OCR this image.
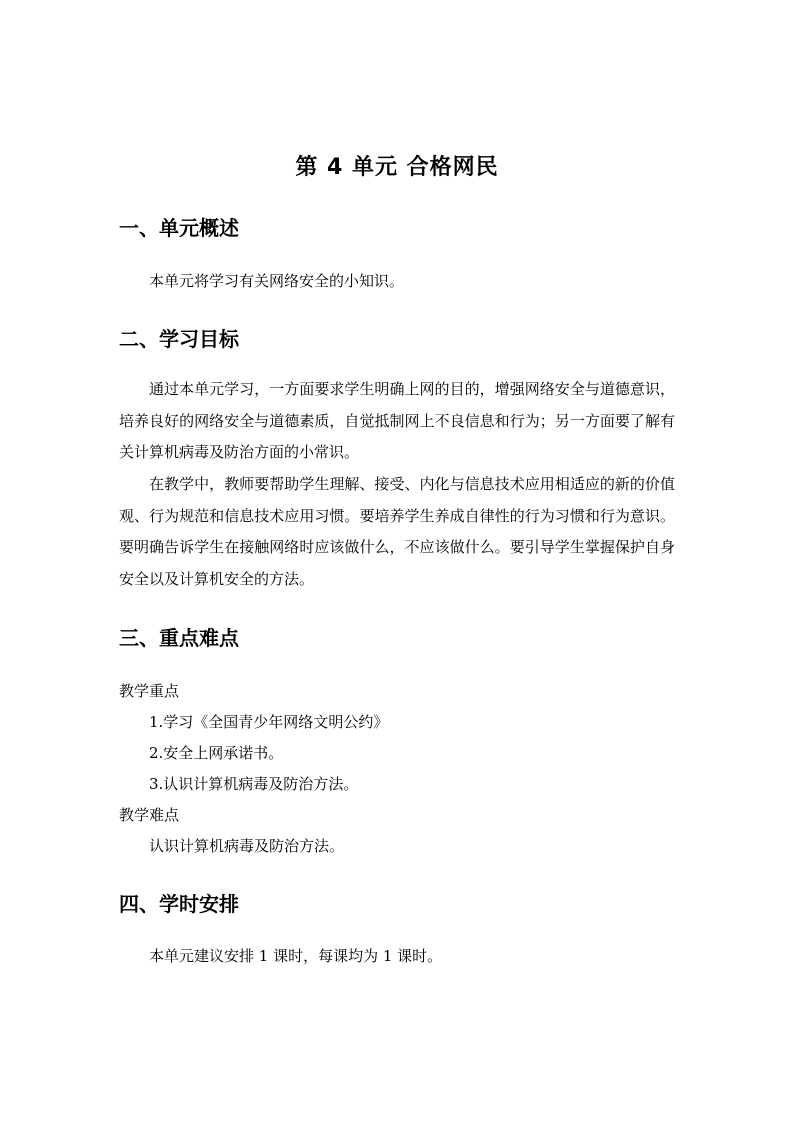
第 4 单元 合格网民
一、单元概述
本单元将学习有关网络安全的小知识。
二、学习目标
通过本单元学习，一方面要求学生明确上网的目的，增强网络安全与道德意识，培养良好的网络安全与道德素质，自觉抵制网上不良信息和行为；另一方面要了解有关计算机病毒及防治方面的小常识。
在教学中，教师要帮助学生理解、接受、内化与信息技术应用相适应的新的价值观、行为规范和信息技术应用习惯。要培养学生养成自律性的行为习惯和行为意识。要明确告诉学生在接触网络时应该做什么，不应该做什么。要引导学生掌握保护自身安全以及计算机安全的方法。
三、重点难点
教学重点
1.学习《全国青少年网络文明公约》
2.安全上网承诺书。
3.认识计算机病毒及防治方法。
教学难点
认识计算机病毒及防治方法。
四、学时安排
本单元建议安排 1 课时，每课均为 1 课时。
